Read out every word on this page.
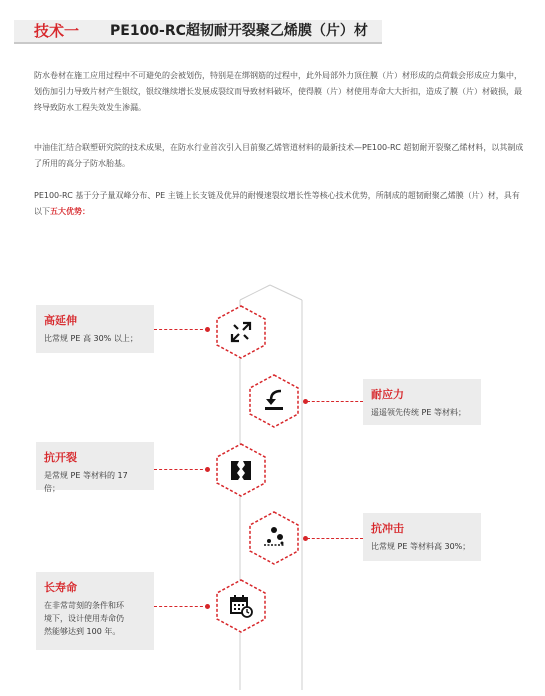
技术一 PE100-RC超韧耐开裂聚乙烯膜（片）材

防水卷材在施工应用过程中不可避免的会被划伤，特别是在绑钢筋的过程中，此外局部外力顶住膜（片）材形成的点荷载会形成应力集中，划伤加引力导致片材产生银纹，银纹继续增长发展成裂纹而导致材料破坏，使得膜（片）材使用寿命大大折扣，造成了膜（片）材破损，最终导致防水工程失效发生渗漏。

中油佳汇结合联塑研究院的技术成果，在防水行业首次引入目前聚乙烯管道材料的最新技术—PE100-RC 超韧耐开裂聚乙烯材料，以其制成了所用的高分子防水胎基。

PE100-RC 基于分子量双峰分布、PE 主链上长支链及优异的耐慢速裂纹增长性等核心技术优势，所制成的超韧耐聚乙烯膜（片）材，具有以下五大优势：

高延伸

比常规 PE 高 30% 以上；

耐应力

遥遥领先传统 PE 等材料；

抗开裂

是常规 PE 等材料的 17 倍；

抗冲击

比常规 PE 等材料高 30%；

长寿命

在非常苛刻的条件和环境下，设计使用寿命仍然能够达到 100 年。
